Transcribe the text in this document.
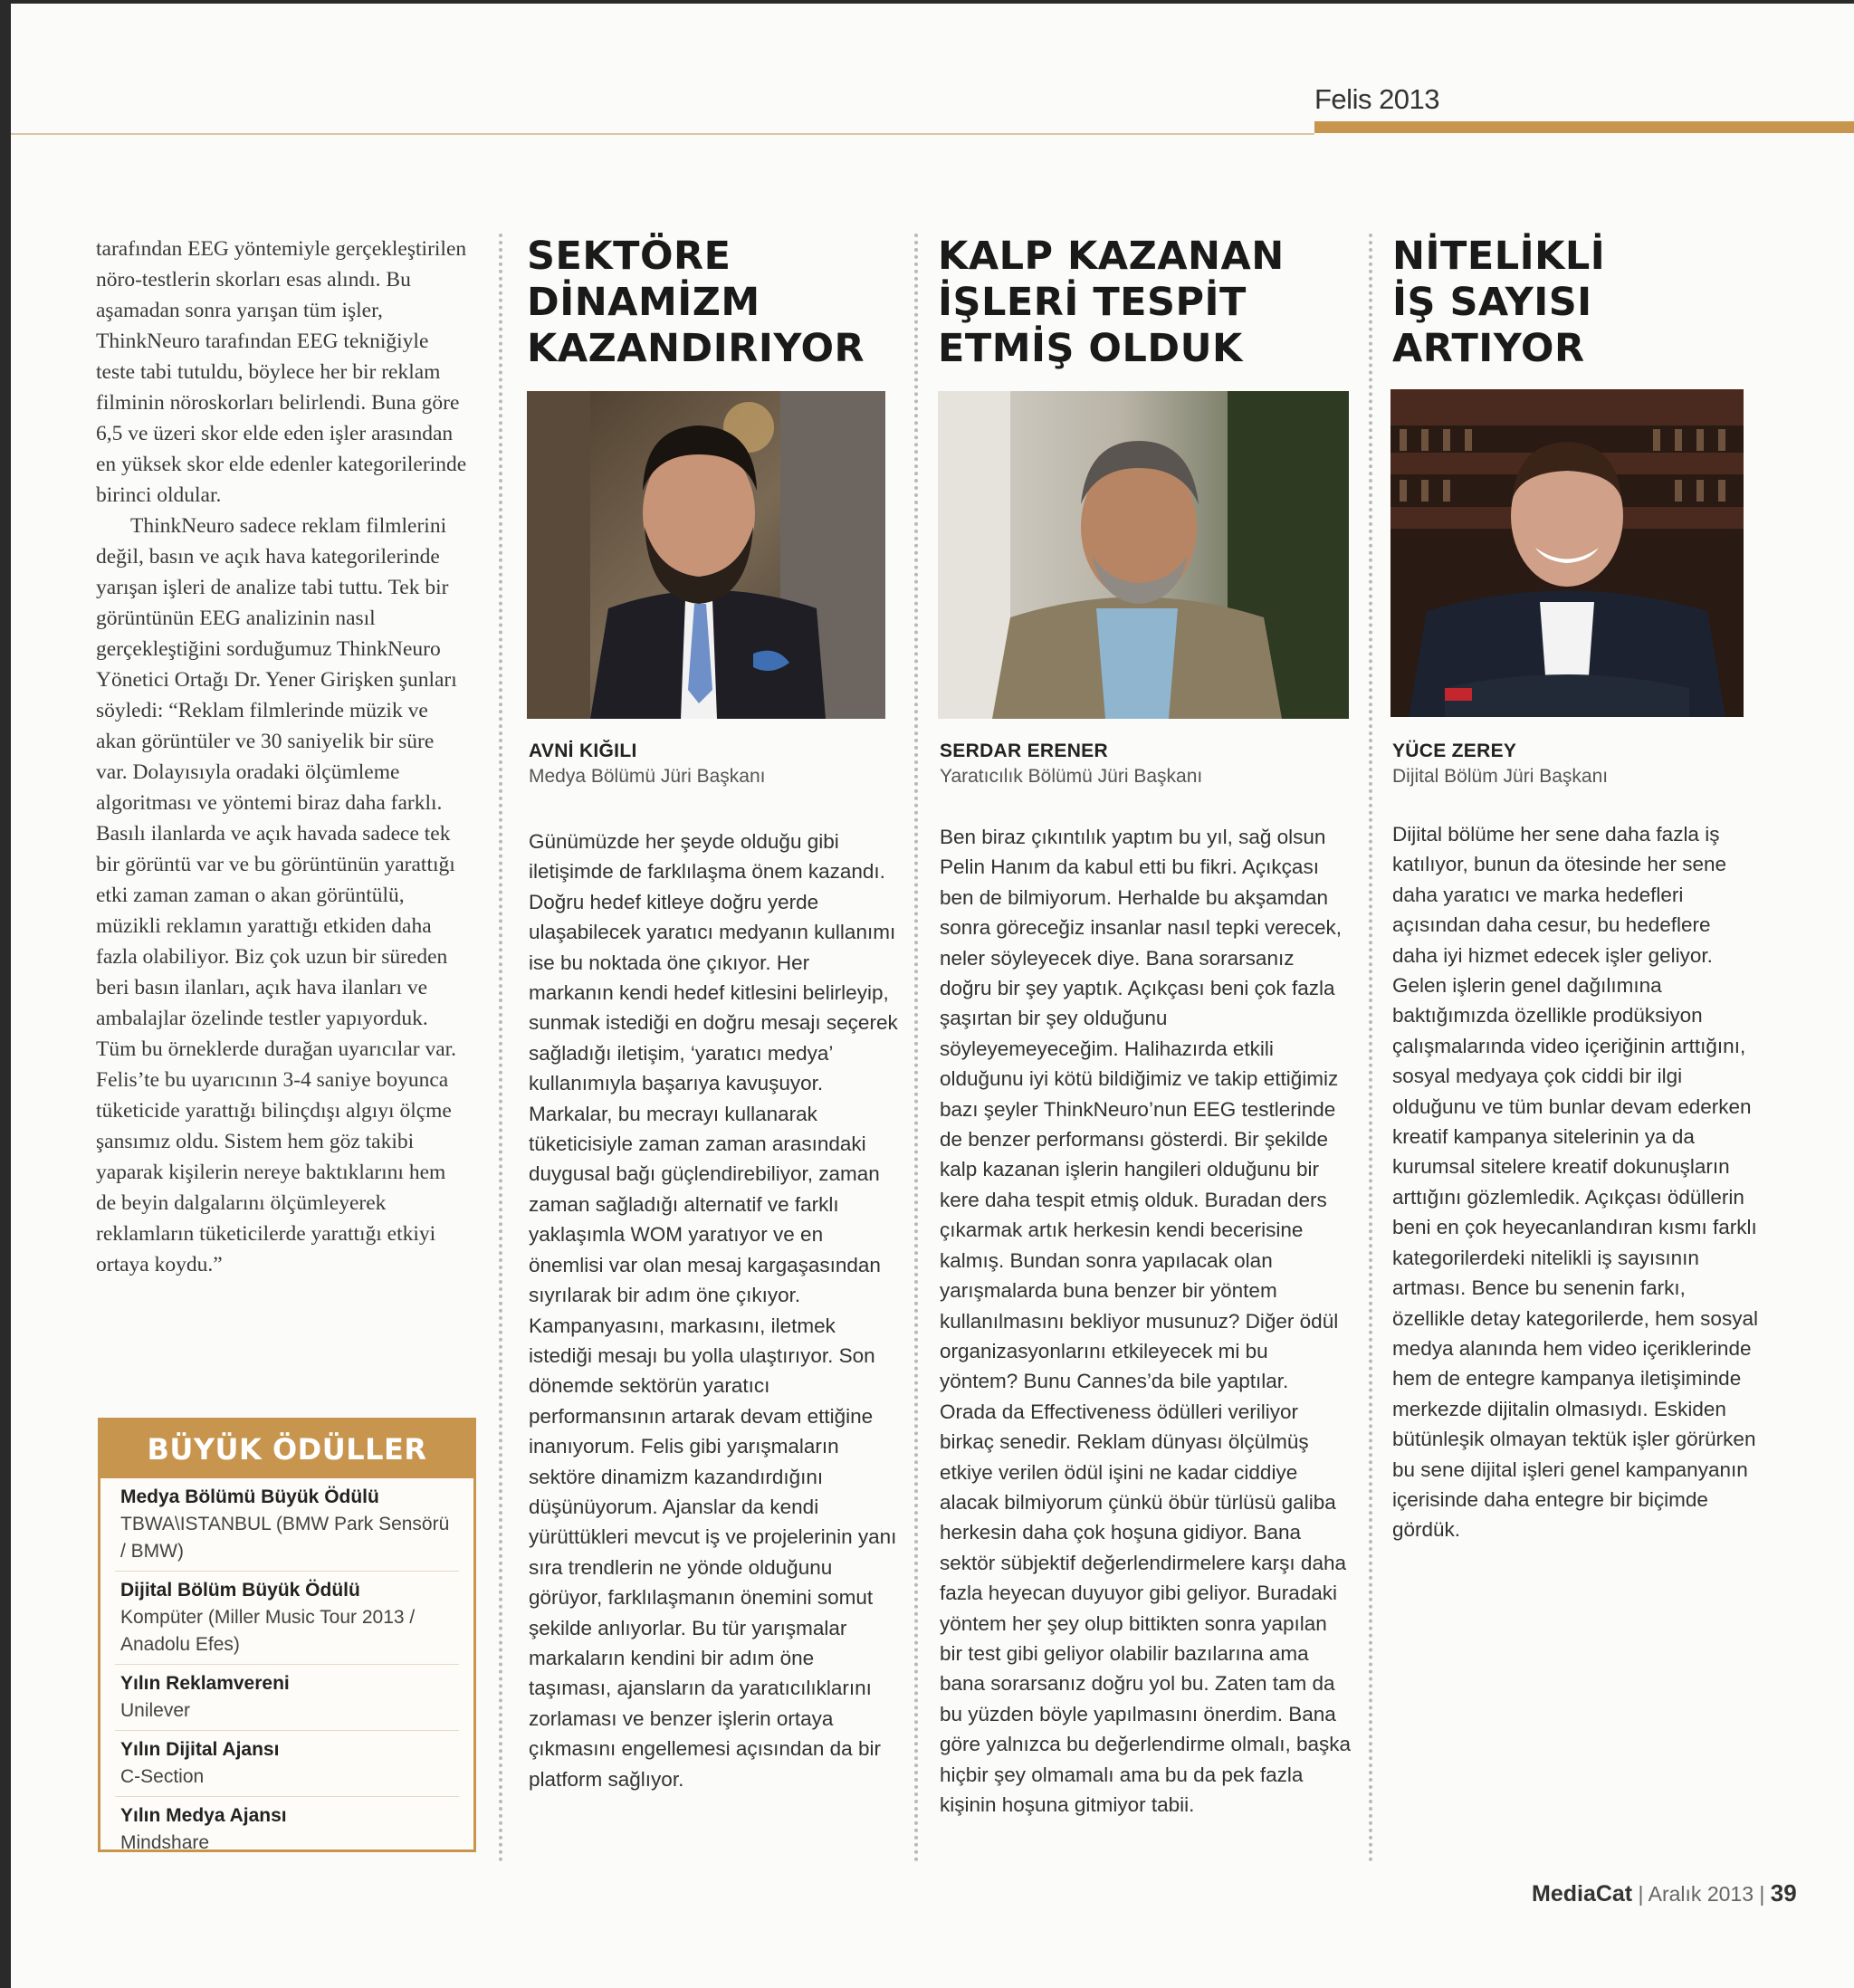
Felis 2013

tarafından EEG yöntemiyle gerçekleştirilen nöro-testlerin skorları esas alındı. Bu aşamadan sonra yarışan tüm işler, ThinkNeuro tarafından EEG tekniğiyle teste tabi tutuldu, böylece her bir reklam filminin nöroskorları belirlendi. Buna göre 6,5 ve üzeri skor elde eden işler arasından en yüksek skor elde edenler kategorilerinde birinci oldular.

ThinkNeuro sadece reklam filmlerini değil, basın ve açık hava kategorilerinde yarışan işleri de analize tabi tuttu. Tek bir görüntünün EEG analizinin nasıl gerçekleştiğini sorduğumuz ThinkNeuro Yönetici Ortağı Dr. Yener Girişken şunları söyledi: “Reklam filmlerinde müzik ve akan görüntüler ve 30 saniyelik bir süre var. Dolayısıyla oradaki ölçümleme algoritması ve yöntemi biraz daha farklı. Basılı ilanlarda ve açık havada sadece tek bir görüntü var ve bu görüntünün yarattığı etki zaman zaman o akan görüntülü, müzikli reklamın yarattığı etkiden daha fazla olabiliyor. Biz çok uzun bir süreden beri basın ilanları, açık hava ilanları ve ambalajlar özelinde testler yapıyorduk. Tüm bu örneklerde durağan uyarıcılar var. Felis’te bu uyarıcının 3-4 saniye boyunca tüketicide yarattığı bilinçdışı algıyı ölçme şansımız oldu. Sistem hem göz takibi yaparak kişilerin nereye baktıklarını hem de beyin dalgalarını ölçümleyerek reklamların tüketicilerde yarattığı etkiyi ortaya koydu.”

BÜYÜK ÖDÜLLER
Medya Bölümü Büyük Ödülü
TBWA\ISTANBUL (BMW Park Sensörü / BMW)
Dijital Bölüm Büyük Ödülü
Kompüter (Miller Music Tour 2013 / Anadolu Efes)
Yılın Reklamvereni
Unilever
Yılın Dijital Ajansı
C-Section
Yılın Medya Ajansı
Mindshare
SEKTÖRE
DİNAMİZM
KAZANDIRIYOR
AVNİ KIĞILI
Medya Bölümü Jüri Başkanı
Günümüzde her şeyde olduğu gibi iletişimde de farklılaşma önem kazandı. Doğru hedef kitleye doğru yerde ulaşabilecek yaratıcı medyanın kullanımı ise bu noktada öne çıkıyor. Her markanın kendi hedef kitlesini belirleyip, sunmak istediği en doğru mesajı seçerek sağladığı iletişim, ‘yaratıcı medya’ kullanımıyla başarıya kavuşuyor. Markalar, bu mecrayı kullanarak tüketicisiyle zaman zaman arasındaki duygusal bağı güçlendirebiliyor, zaman zaman sağladığı alternatif ve farklı yaklaşımla WOM yaratıyor ve en önemlisi var olan mesaj kargaşasından sıyrılarak bir adım öne çıkıyor. Kampanyasını, markasını, iletmek istediği mesajı bu yolla ulaştırıyor. Son dönemde sektörün yaratıcı performansının artarak devam ettiğine inanıyorum. Felis gibi yarışmaların sektöre dinamizm kazandırdığını düşünüyorum. Ajanslar da kendi yürüttükleri mevcut iş ve projelerinin yanı sıra trendlerin ne yönde olduğunu görüyor, farklılaşmanın önemini somut şekilde anlıyorlar. Bu tür yarışmalar markaların kendini bir adım öne taşıması, ajansların da yaratıcılıklarını zorlaması ve benzer işlerin ortaya çıkmasını engellemesi açısından da bir platform sağlıyor.
KALP KAZANAN
İŞLERİ TESPİT
ETMİŞ OLDUK
SERDAR ERENER
Yaratıcılık Bölümü Jüri Başkanı
Ben biraz çıkıntılık yaptım bu yıl, sağ olsun Pelin Hanım da kabul etti bu fikri. Açıkçası ben de bilmiyorum. Herhalde bu akşamdan sonra göreceğiz insanlar nasıl tepki verecek, neler söyleyecek diye. Bana sorarsanız doğru bir şey yaptık. Açıkçası beni çok fazla şaşırtan bir şey olduğunu söyleyemeyeceğim. Halihazırda etkili olduğunu iyi kötü bildiğimiz ve takip ettiğimiz bazı şeyler ThinkNeuro’nun EEG testlerinde de benzer performansı gösterdi. Bir şekilde kalp kazanan işlerin hangileri olduğunu bir kere daha tespit etmiş olduk. Buradan ders çıkarmak artık herkesin kendi becerisine kalmış. Bundan sonra yapılacak olan yarışmalarda buna benzer bir yöntem kullanılmasını bekliyor musunuz? Diğer ödül organizasyonlarını etkileyecek mi bu yöntem? Bunu Cannes’da bile yaptılar. Orada da Effectiveness ödülleri veriliyor birkaç senedir. Reklam dünyası ölçülmüş etkiye verilen ödül işini ne kadar ciddiye alacak bilmiyorum çünkü öbür türlüsü galiba herkesin daha çok hoşuna gidiyor. Bana sektör sübjektif değerlendirmelere karşı daha fazla heyecan duyuyor gibi geliyor. Buradaki yöntem her şey olup bittikten sonra yapılan bir test gibi geliyor olabilir bazılarına ama bana sorarsanız doğru yol bu. Zaten tam da bu yüzden böyle yapılmasını önerdim. Bana göre yalnızca bu değerlendirme olmalı, başka hiçbir şey olmamalı ama bu da pek fazla kişinin hoşuna gitmiyor tabii.
NİTELİKLİ
İŞ SAYISI
ARTIYOR
YÜCE ZEREY
Dijital Bölüm Jüri Başkanı
Dijital bölüme her sene daha fazla iş katılıyor, bunun da ötesinde her sene daha yaratıcı ve marka hedefleri açısından daha cesur, bu hedeflere daha iyi hizmet edecek işler geliyor. Gelen işlerin genel dağılımına baktığımızda özellikle prodüksiyon çalışmalarında video içeriğinin arttığını, sosyal medyaya çok ciddi bir ilgi olduğunu ve tüm bunlar devam ederken kreatif kampanya sitelerinin ya da kurumsal sitelere kreatif dokunuşların arttığını gözlemledik. Açıkçası ödüllerin beni en çok heyecanlandıran kısmı farklı kategorilerdeki nitelikli iş sayısının artması. Bence bu senenin farkı, özellikle detay kategorilerde, hem sosyal medya alanında hem video içeriklerinde hem de entegre kampanya iletişiminde merkezde dijitalin olmasıydı. Eskiden bütünleşik olmayan tektük işler görürken bu sene dijital işleri genel kampanyanın içerisinde daha entegre bir biçimde gördük.
MediaCat | Aralık 2013 | 39
